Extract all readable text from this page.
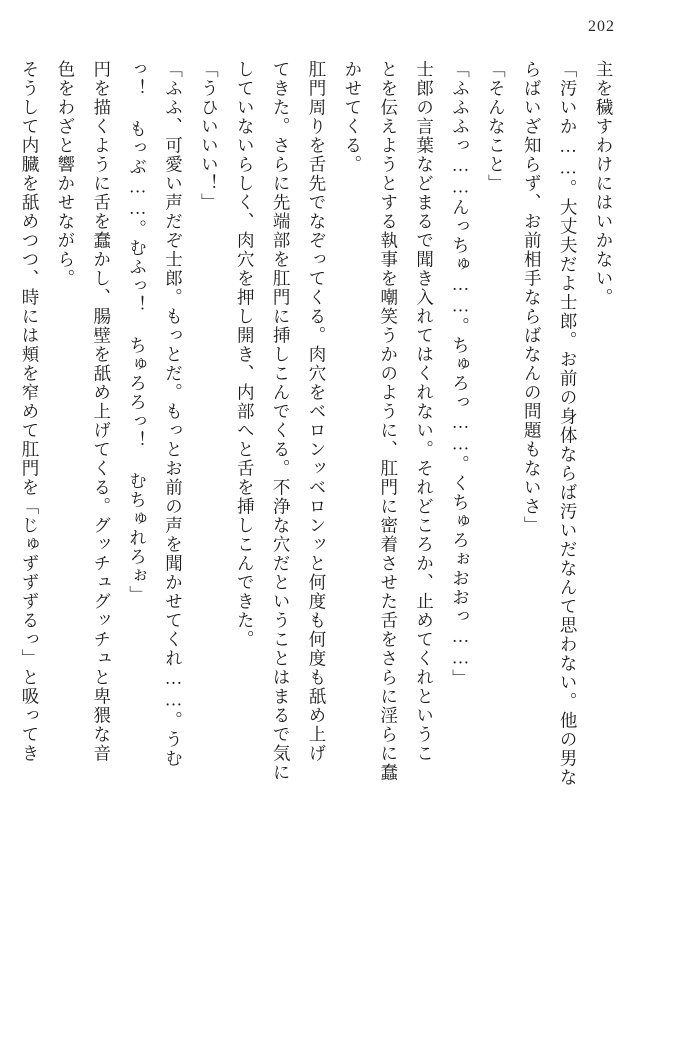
202
主を穢すわけにはいかない。
「汚いか……。大丈夫だよ士郎。お前の身体ならば汚いだなんて思わない。他の男な
らばいざ知らず、お前相手ならばなんの問題もないさ」
「そんなこと」
「ふふふっ……んっちゅ……。ちゅろっ……。くちゅろぉおおっ……」
士郎の言葉などまるで聞き入れてはくれない。それどころか、止めてくれというこ
とを伝えようとする執事を嘲笑うかのように、肛門に密着させた舌をさらに淫らに蠢
かせてくる。
肛門周りを舌先でなぞってくる。肉穴をベロンッベロンッと何度も何度も舐め上げ
てきた。さらに先端部を肛門に挿しこんでくる。不浄な穴だということはまるで気に
していないらしく、肉穴を押し開き、内部へと舌を挿しこんできた。
「うひいいい！」
「ふふ、可愛い声だぞ士郎。もっとだ。もっとお前の声を聞かせてくれ……。うむ
っ！ もっぶ……。むふっ！ ちゅろろっ！ むちゅれろぉ」
円を描くように舌を蠢かし、腸壁を舐め上げてくる。グッチュグッチュと卑猥な音
色をわざと響かせながら。
そうして内臓を舐めつつ、時には頬を窄めて肛門を「じゅずずずるっ」と吸ってき
